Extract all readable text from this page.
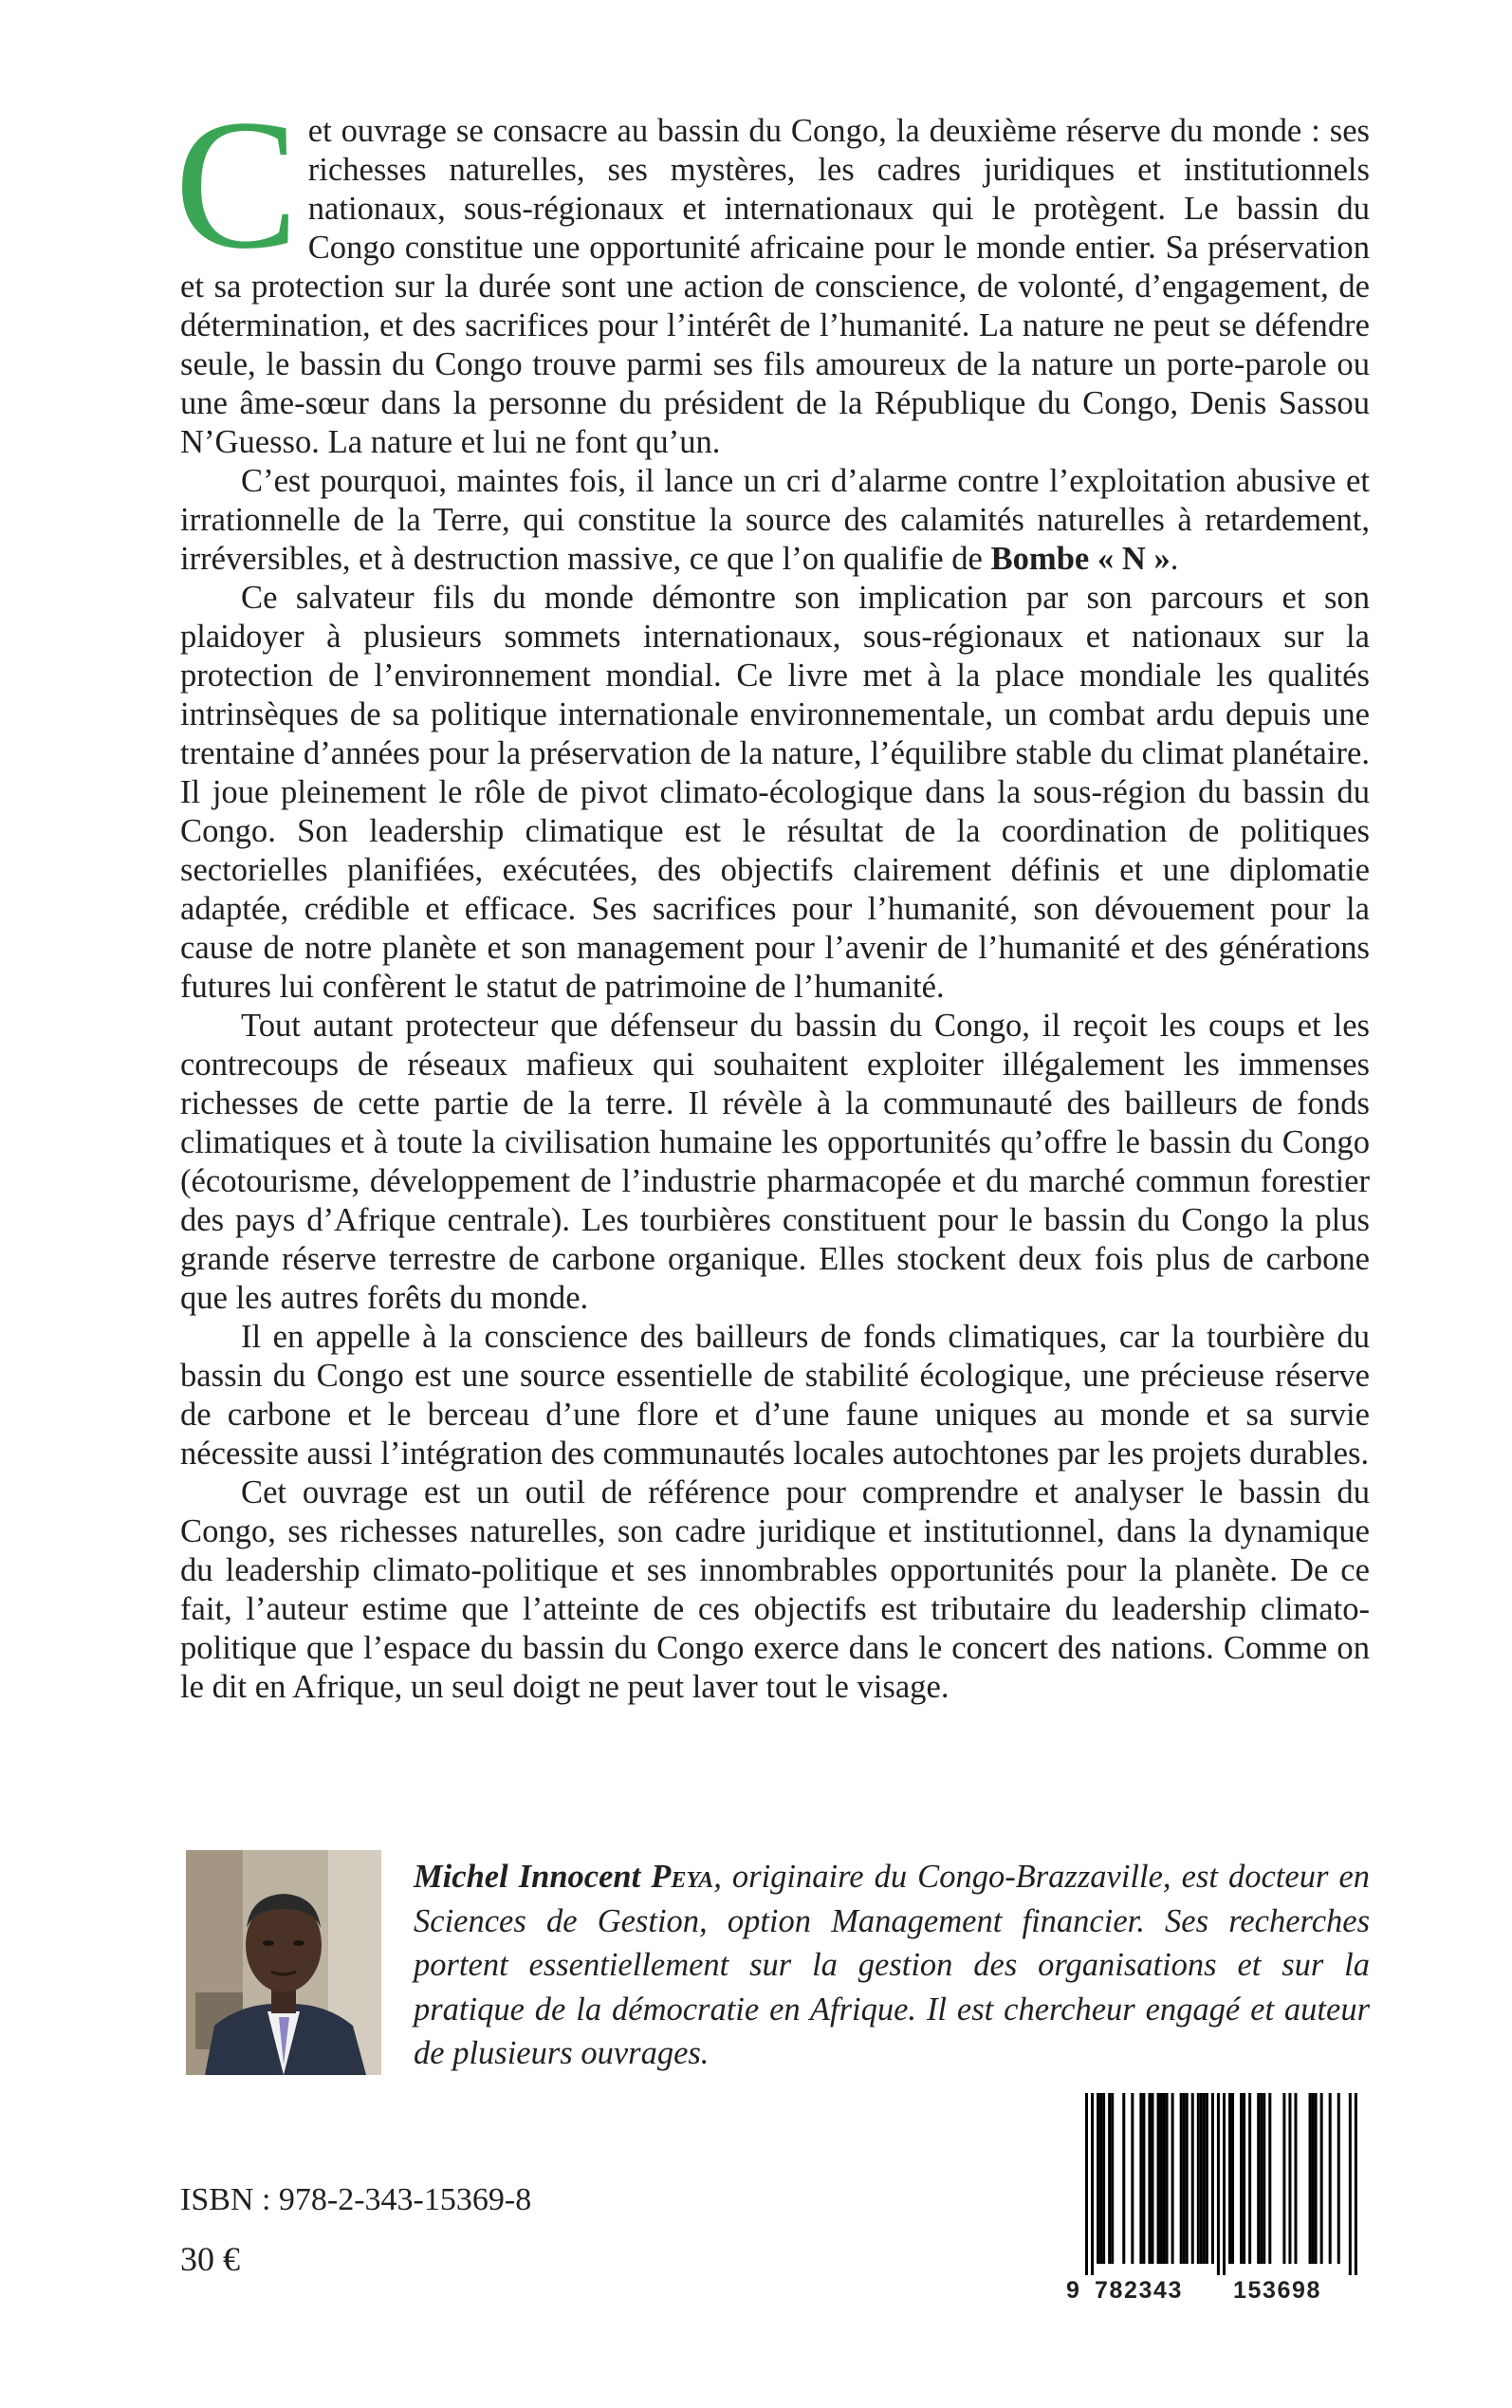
Cet ouvrage se consacre au bassin du Congo, la deuxième réserve du monde : ses richesses naturelles, ses mystères, les cadres juridiques et institutionnels nationaux, sous-régionaux et internationaux qui le protègent. Le bassin du Congo constitue une opportunité africaine pour le monde entier. Sa préservation et sa protection sur la durée sont une action de conscience, de volonté, d’engagement, de détermination, et des sacrifices pour l’intérêt de l’humanité. La nature ne peut se défendre seule, le bassin du Congo trouve parmi ses fils amoureux de la nature un porte-parole ou une âme-sœur dans la personne du président de la République du Congo, Denis Sassou N’Guesso. La nature et lui ne font qu’un.

C’est pourquoi, maintes fois, il lance un cri d’alarme contre l’exploitation abusive et irrationnelle de la Terre, qui constitue la source des calamités naturelles à retardement, irréversibles, et à destruction massive, ce que l’on qualifie de Bombe « N ».

Ce salvateur fils du monde démontre son implication par son parcours et son plaidoyer à plusieurs sommets internationaux, sous-régionaux et nationaux sur la protection de l’environnement mondial. Ce livre met à la place mondiale les qualités intrinsèques de sa politique internationale environnementale, un combat ardu depuis une trentaine d’années pour la préservation de la nature, l’équilibre stable du climat planétaire. Il joue pleinement le rôle de pivot climato-écologique dans la sous-région du bassin du Congo. Son leadership climatique est le résultat de la coordination de politiques sectorielles planifiées, exécutées, des objectifs clairement définis et une diplomatie adaptée, crédible et efficace. Ses sacrifices pour l’humanité, son dévouement pour la cause de notre planète et son management pour l’avenir de l’humanité et des générations futures lui confèrent le statut de patrimoine de l’humanité.

Tout autant protecteur que défenseur du bassin du Congo, il reçoit les coups et les contrecoups de réseaux mafieux qui souhaitent exploiter illégalement les immenses richesses de cette partie de la terre. Il révèle à la communauté des bailleurs de fonds climatiques et à toute la civilisation humaine les opportunités qu’offre le bassin du Congo (écotourisme, développement de l’industrie pharmacopée et du marché commun forestier des pays d’Afrique centrale). Les tourbières constituent pour le bassin du Congo la plus grande réserve terrestre de carbone organique. Elles stockent deux fois plus de carbone que les autres forêts du monde.

Il en appelle à la conscience des bailleurs de fonds climatiques, car la tourbière du bassin du Congo est une source essentielle de stabilité écologique, une précieuse réserve de carbone et le berceau d’une flore et d’une faune uniques au monde et sa survie nécessite aussi l’intégration des communautés locales autochtones par les projets durables.

Cet ouvrage est un outil de référence pour comprendre et analyser le bassin du Congo, ses richesses naturelles, son cadre juridique et institutionnel, dans la dynamique du leadership climato-politique et ses innombrables opportunités pour la planète. De ce fait, l’auteur estime que l’atteinte de ces objectifs est tributaire du leadership climato-politique que l’espace du bassin du Congo exerce dans le concert des nations. Comme on le dit en Afrique, un seul doigt ne peut laver tout le visage.

Michel Innocent Peya, originaire du Congo-Brazzaville, est docteur en Sciences de Gestion, option Management financier. Ses recherches portent essentiellement sur la gestion des organisations et sur la pratique de la démocratie en Afrique. Il est chercheur engagé et auteur de plusieurs ouvrages.
ISBN : 978-2-343-15369-8
30 €
9 782343 153698
